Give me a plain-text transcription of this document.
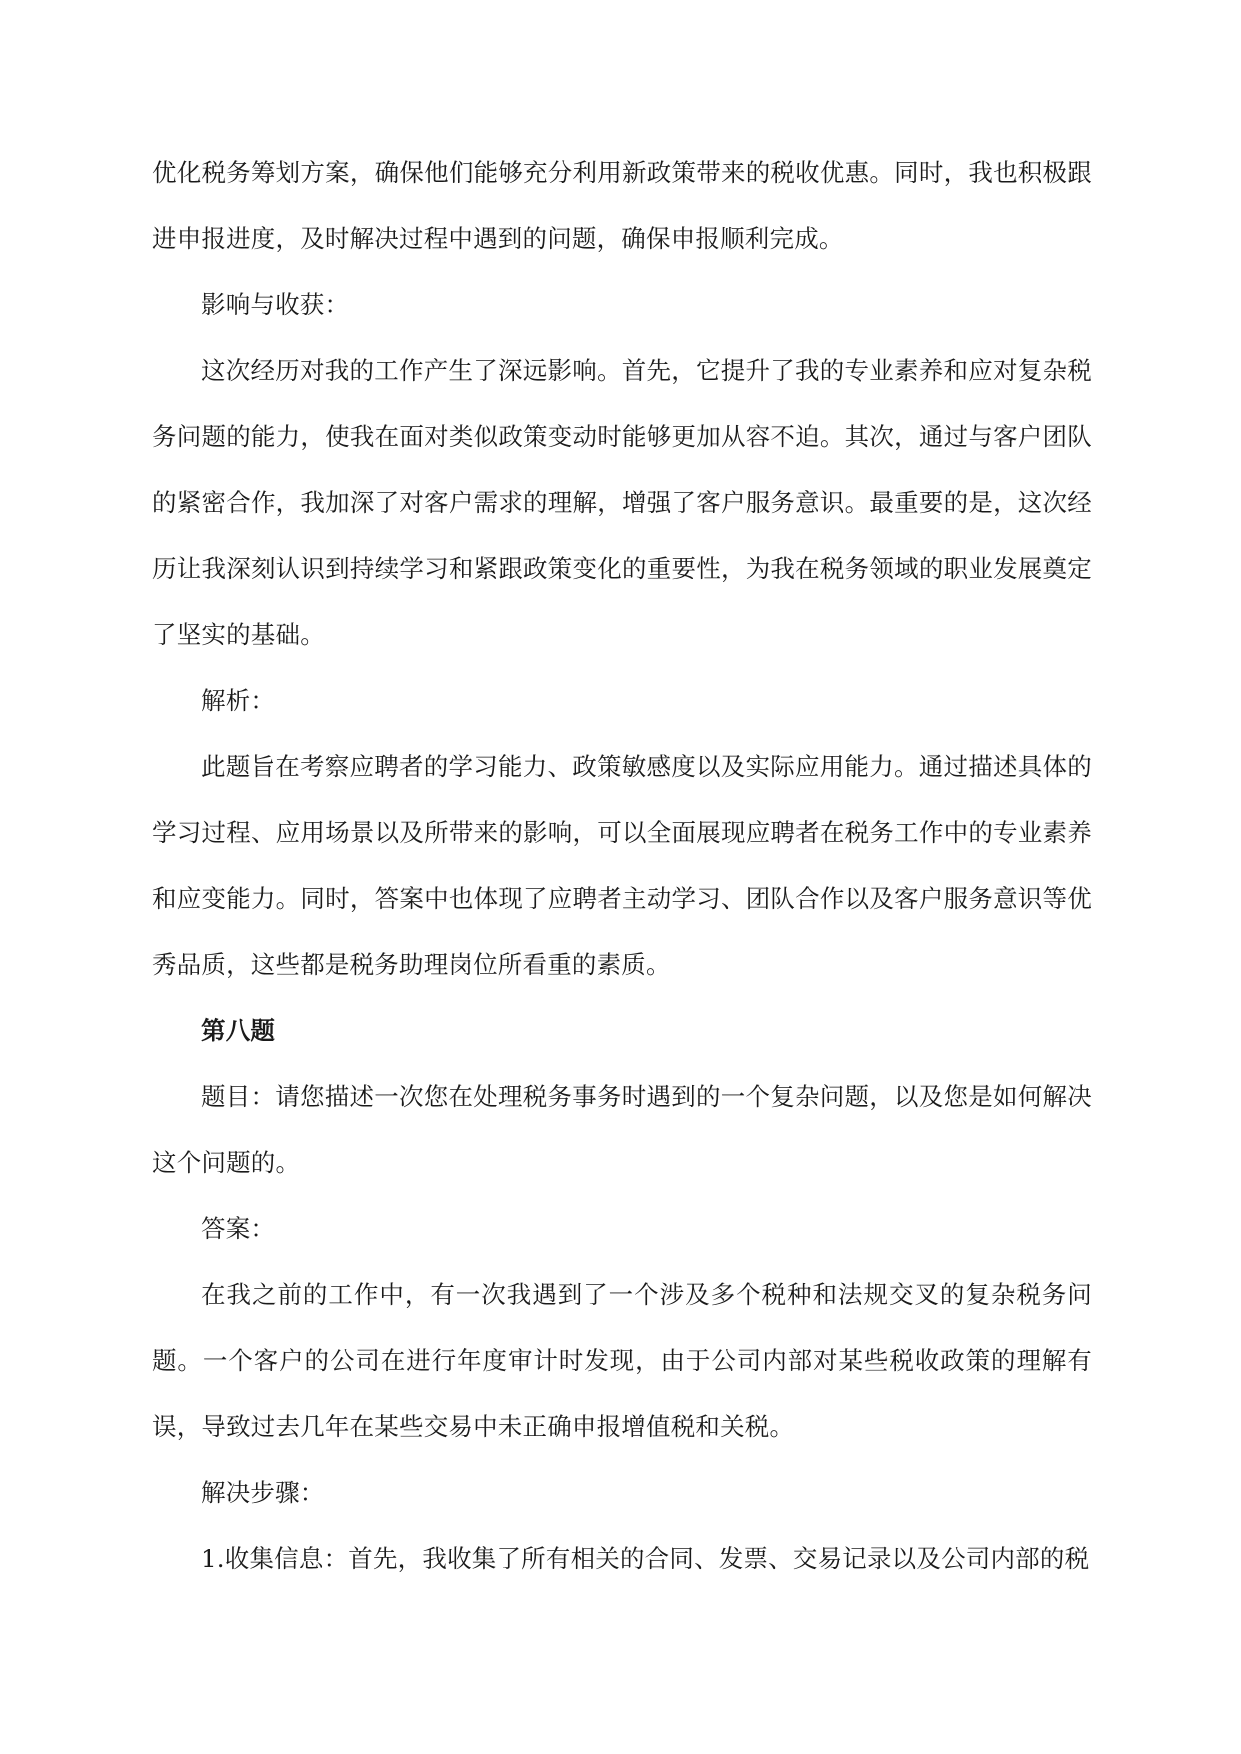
优化税务筹划方案，确保他们能够充分利用新政策带来的税收优惠。同时，我也积极跟进申报进度，及时解决过程中遇到的问题，确保申报顺利完成。

影响与收获：

这次经历对我的工作产生了深远影响。首先，它提升了我的专业素养和应对复杂税务问题的能力，使我在面对类似政策变动时能够更加从容不迫。其次，通过与客户团队的紧密合作，我加深了对客户需求的理解，增强了客户服务意识。最重要的是，这次经历让我深刻认识到持续学习和紧跟政策变化的重要性，为我在税务领域的职业发展奠定了坚实的基础。

解析：

此题旨在考察应聘者的学习能力、政策敏感度以及实际应用能力。通过描述具体的学习过程、应用场景以及所带来的影响，可以全面展现应聘者在税务工作中的专业素养和应变能力。同时，答案中也体现了应聘者主动学习、团队合作以及客户服务意识等优秀品质，这些都是税务助理岗位所看重的素质。

第八题

题目：请您描述一次您在处理税务事务时遇到的一个复杂问题，以及您是如何解决这个问题的。

答案：

在我之前的工作中，有一次我遇到了一个涉及多个税种和法规交叉的复杂税务问题。一个客户的公司在进行年度审计时发现，由于公司内部对某些税收政策的理解有误，导致过去几年在某些交易中未正确申报增值税和关税。

解决步骤：

1.收集信息：首先，我收集了所有相关的合同、发票、交易记录以及公司内部的税
